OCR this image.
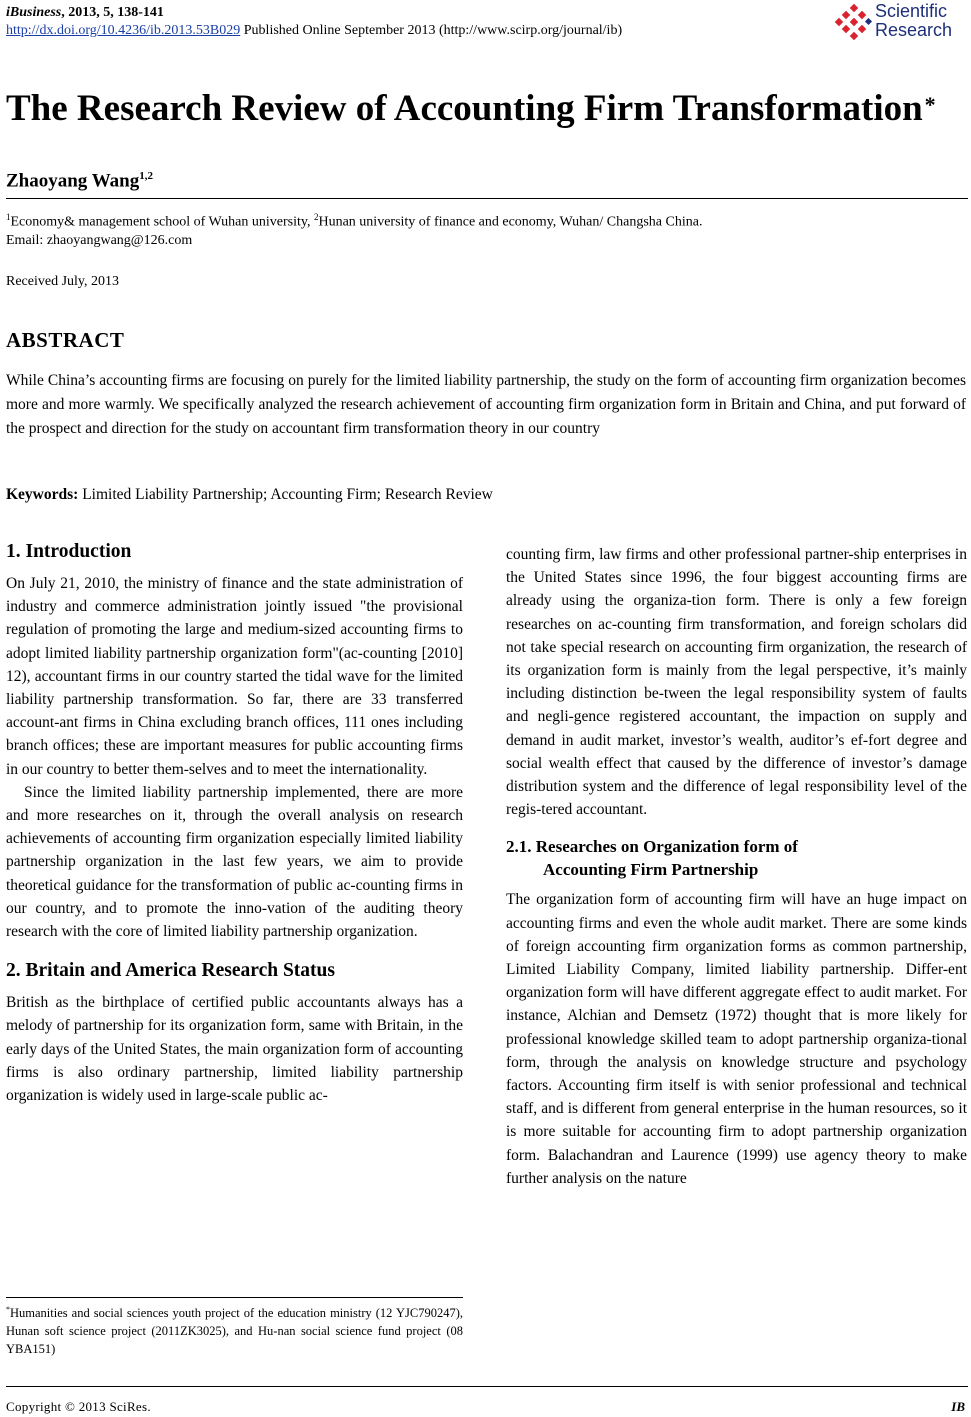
iBusiness, 2013, 5, 138-141
http://dx.doi.org/10.4236/ib.2013.53B029 Published Online September 2013 (http://www.scirp.org/journal/ib)
Scientific
Research
The Research Review of Accounting Firm Transformation*
Zhaoyang Wang$^{1,2}$
$^1$Economy& management school of Wuhan university, $^2$Hunan university of finance and economy, Wuhan/ Changsha China.
Email: zhaoyangwang@126.com
Received July, 2013
ABSTRACT
While China’s accounting firms are focusing on purely for the limited liability partnership, the study on the form of accounting firm organization becomes more and more warmly. We specifically analyzed the research achievement of accounting firm organization form in Britain and China, and put forward of the prospect and direction for the study on accountant firm transformation theory in our country
Keywords: Limited Liability Partnership; Accounting Firm; Research Review
1. Introduction

On July 21, 2010, the ministry of finance and the state administration of industry and commerce administration jointly issued "the provisional regulation of promoting the large and medium-sized accounting firms to adopt limited liability partnership organization form"(ac-counting [2010] 12), accountant firms in our country started the tidal wave for the limited liability partnership transformation. So far, there are 33 transferred account-ant firms in China excluding branch offices, 111 ones including branch offices; these are important measures for public accounting firms in our country to better them-selves and to meet the internationality.

Since the limited liability partnership implemented, there are more and more researches on it, through the overall analysis on research achievements of accounting firm organization especially limited liability partnership organization in the last few years, we aim to provide theoretical guidance for the transformation of public ac-counting firms in our country, and to promote the inno-vation of the auditing theory research with the core of limited liability partnership organization.

2. Britain and America Research Status

British as the birthplace of certified public accountants always has a melody of partnership for its organization form, same with Britain, in the early days of the United States, the main organization form of accounting firms is also ordinary partnership, limited liability partnership organization is widely used in large-scale public ac-

*Humanities and social sciences youth project of the education ministry (12 YJC790247), Hunan soft science project (2011ZK3025), and Hu-nan social science fund project (08 YBA151)

counting firm, law firms and other professional partner-ship enterprises in the United States since 1996, the four biggest accounting firms are already using the organiza-tion form. There is only a few foreign researches on ac-counting firm transformation, and foreign scholars did not take special research on accounting firm organization, the research of its organization form is mainly from the legal perspective, it’s mainly including distinction be-tween the legal responsibility system of faults and negli-gence registered accountant, the impaction on supply and demand in audit market, investor’s wealth, auditor’s ef-fort degree and social wealth effect that caused by the difference of investor’s damage distribution system and the difference of legal responsibility level of the regis-tered accountant.

2.1. Researches on Organization form of
Accounting Firm Partnership

The organization form of accounting firm will have an huge impact on accounting firms and even the whole audit market. There are some kinds of foreign accounting firm organization forms as common partnership, Limited Liability Company, limited liability partnership. Differ-ent organization form will have different aggregate effect to audit market. For instance, Alchian and Demsetz (1972) thought that is more likely for professional knowledge skilled team to adopt partnership organiza-tional form, through the analysis on knowledge structure and psychology factors. Accounting firm itself is with senior professional and technical staff, and is different from general enterprise in the human resources, so it is more suitable for accounting firm to adopt partnership organization form. Balachandran and Laurence (1999) use agency theory to make further analysis on the nature

Copyright © 2013 SciRes.	IB
